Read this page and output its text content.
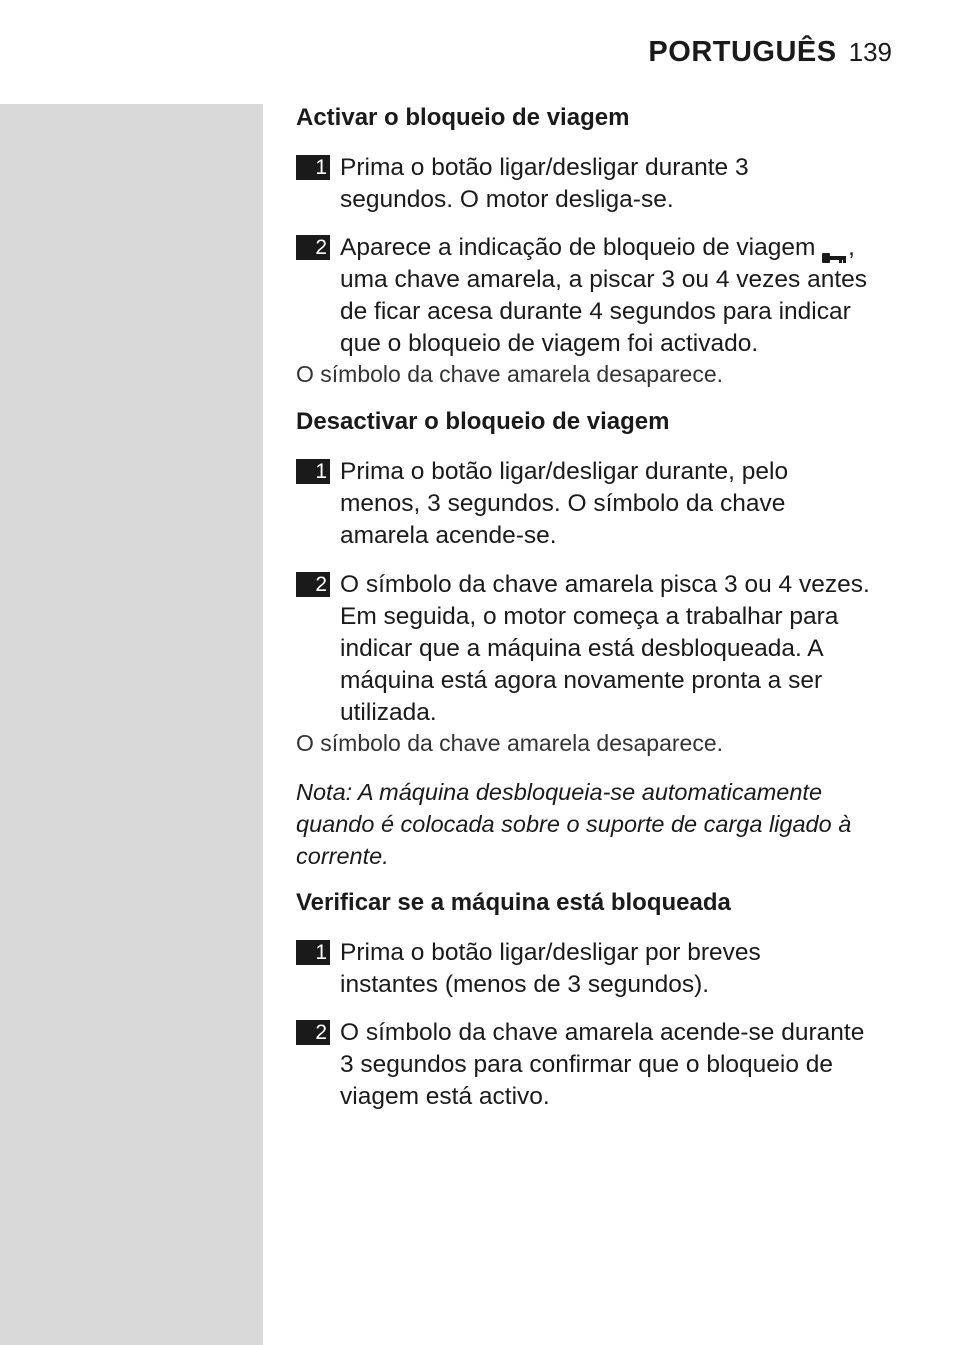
PORTUGUÊS 139
Activar o bloqueio de viagem
1 Prima o botão ligar/desligar durante 3
segundos. O motor desliga-se.

2 Aparece a indicação de bloqueio de viagem ,
uma chave amarela, a piscar 3 ou 4 vezes antes
de ficar acesa durante 4 segundos para indicar
que o bloqueio de viagem foi activado.

O símbolo da chave amarela desaparece.
Desactivar o bloqueio de viagem
1 Prima o botão ligar/desligar durante, pelo
menos, 3 segundos. O símbolo da chave
amarela acende-se.

2 O símbolo da chave amarela pisca 3 ou 4 vezes.
Em seguida, o motor começa a trabalhar para
indicar que a máquina está desbloqueada. A
máquina está agora novamente pronta a ser
utilizada.

O símbolo da chave amarela desaparece.
Nota: A máquina desbloqueia-se automaticamente
quando é colocada sobre o suporte de carga ligado à
corrente.
Verificar se a máquina está bloqueada
1 Prima o botão ligar/desligar por breves
instantes (menos de 3 segundos).

2 O símbolo da chave amarela acende-se durante
3 segundos para confirmar que o bloqueio de
viagem está activo.
